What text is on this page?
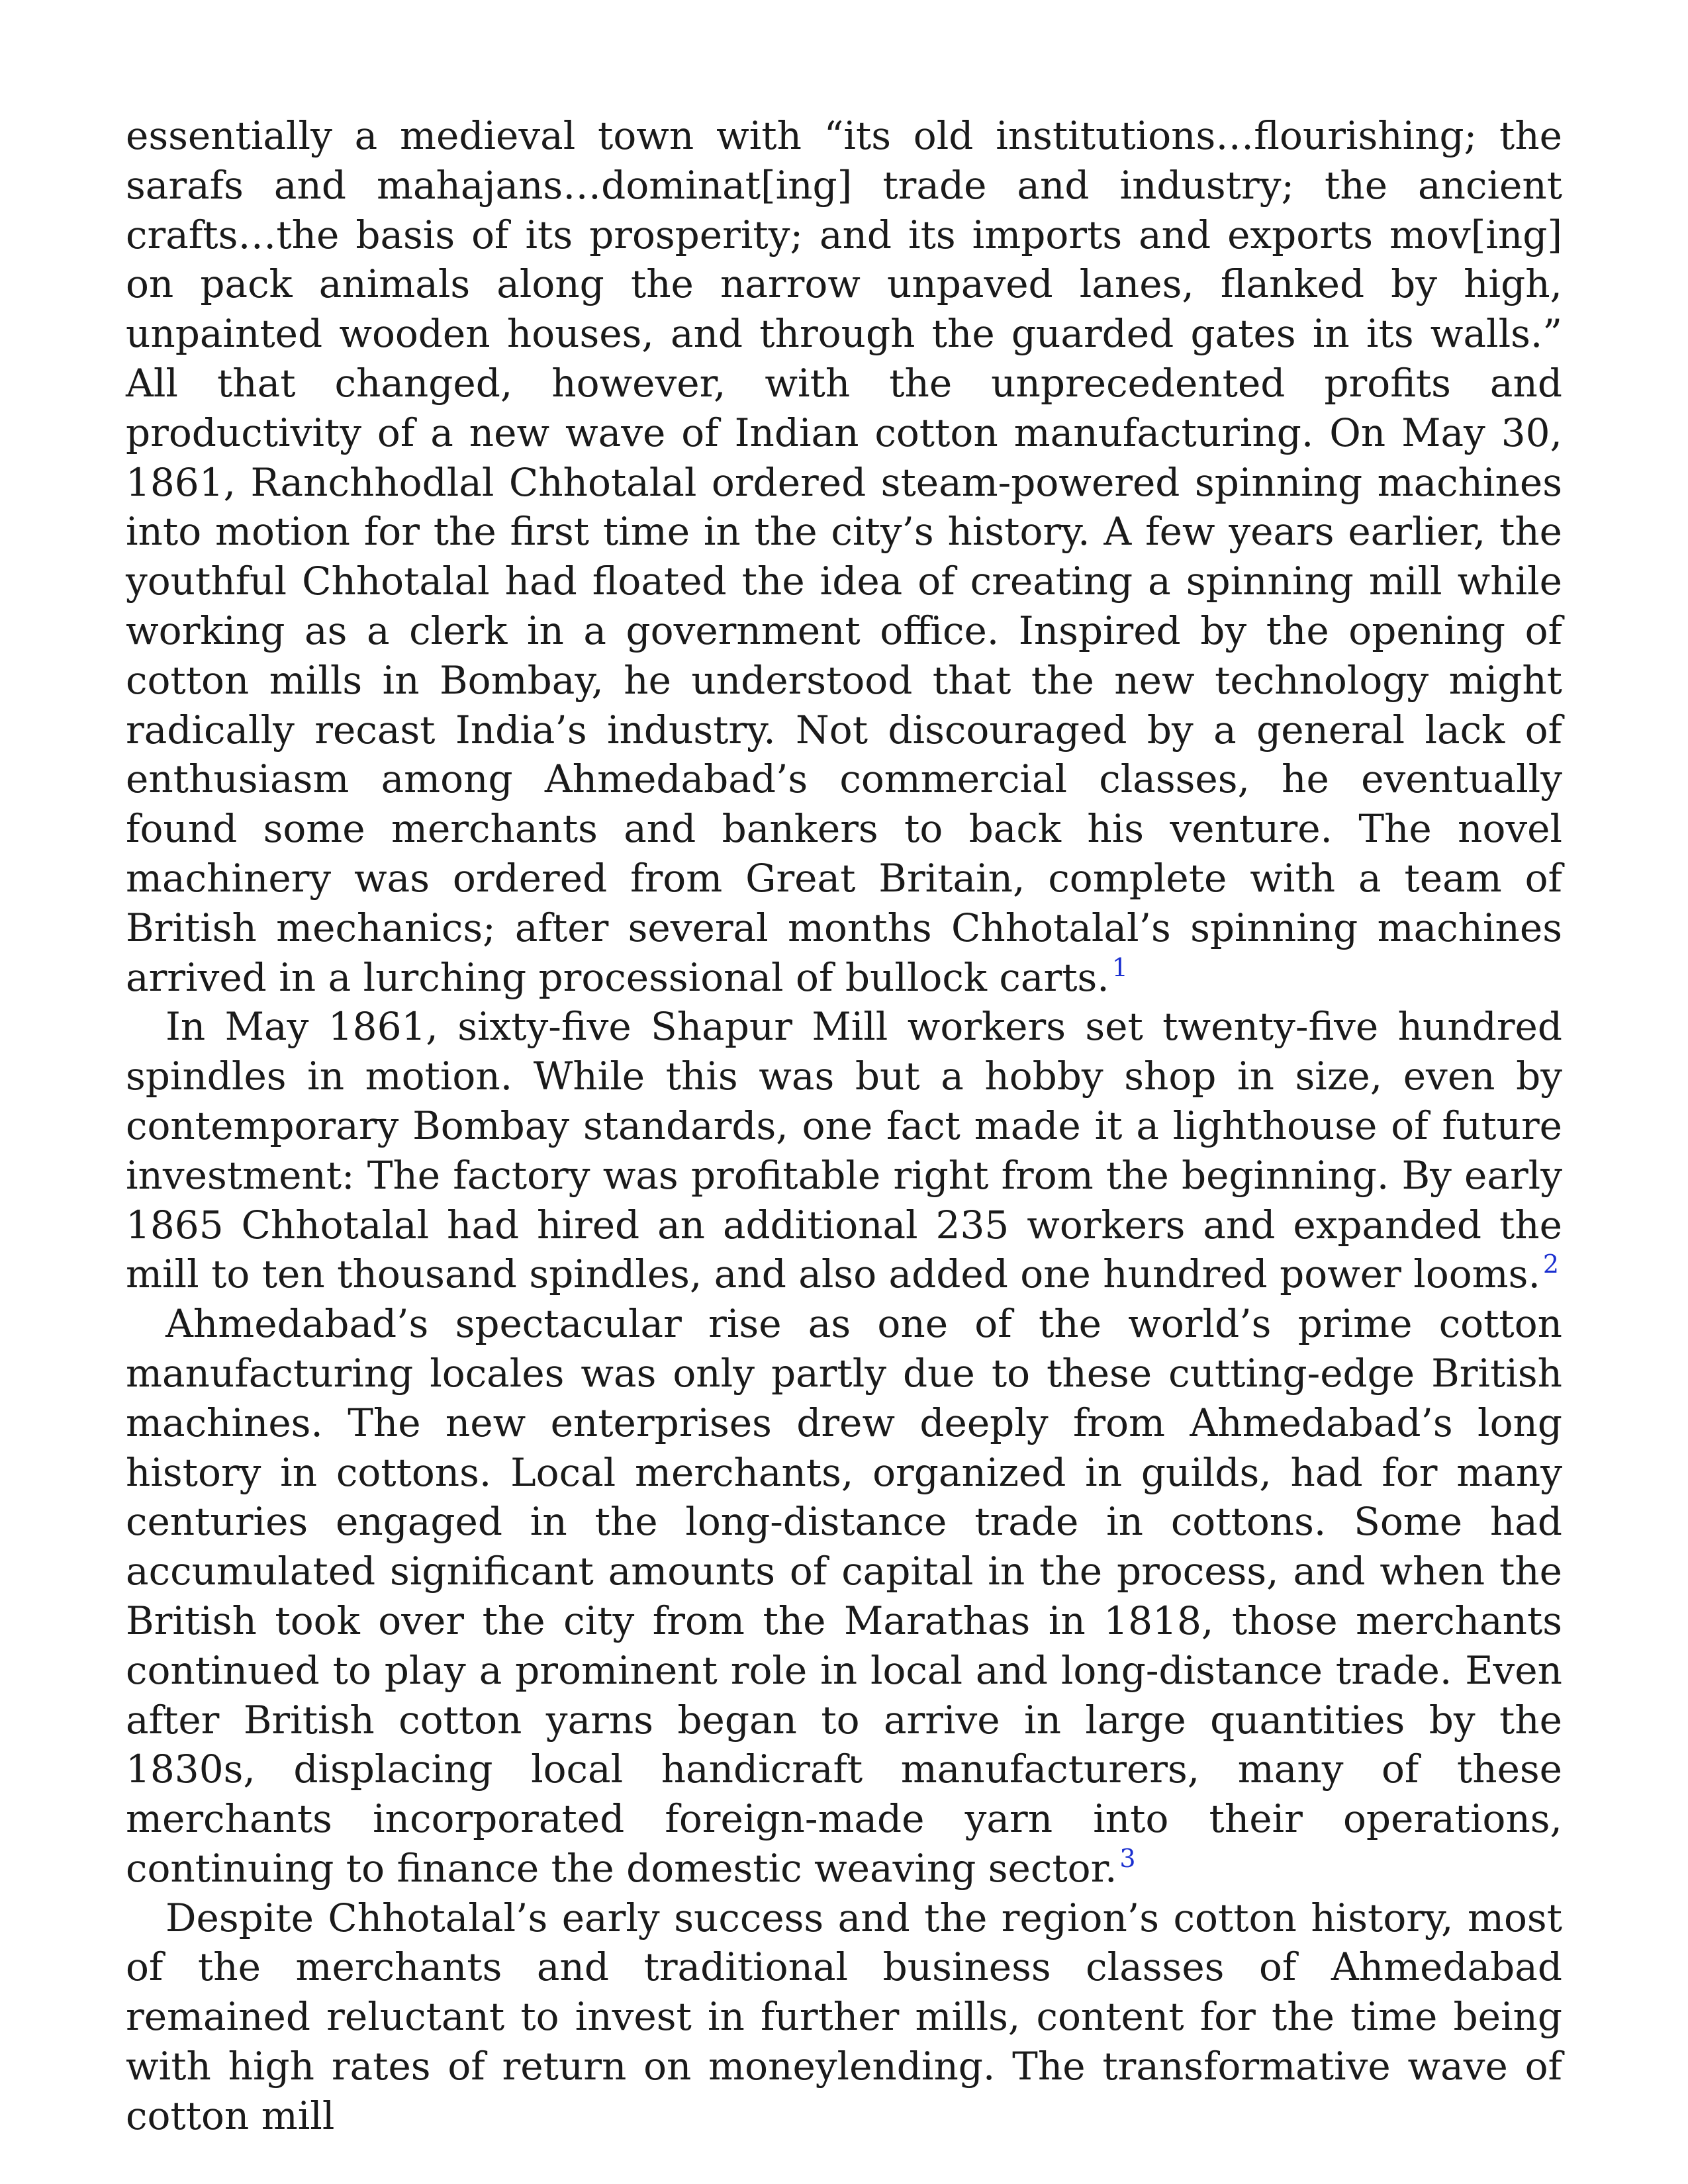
essentially a medieval town with “its old institutions…flourishing; the sarafs and mahajans…dominat[ing] trade and industry; the ancient crafts…the basis of its prosperity; and its imports and exports mov[ing] on pack animals along the narrow unpaved lanes, flanked by high, unpainted wooden houses, and through the guarded gates in its walls.” All that changed, however, with the unprecedented profits and productivity of a new wave of Indian cotton manufacturing. On May 30, 1861, Ranchhodlal Chhotalal ordered steam-powered spinning machines into motion for the first time in the city’s history. A few years earlier, the youthful Chhotalal had floated the idea of creating a spinning mill while working as a clerk in a government office. Inspired by the opening of cotton mills in Bombay, he understood that the new technology might radically recast India’s industry. Not discouraged by a general lack of enthusiasm among Ahmedabad’s commercial classes, he eventually found some merchants and bankers to back his venture. The novel machinery was ordered from Great Britain, complete with a team of British mechanics; after several months Chhotalal’s spinning machines arrived in a lurching processional of bullock carts. $^1$

In May 1861, sixty-five Shapur Mill workers set twenty-five hundred spindles in motion. While this was but a hobby shop in size, even by contemporary Bombay standards, one fact made it a lighthouse of future investment: The factory was profitable right from the beginning. By early 1865 Chhotalal had hired an additional 235 workers and expanded the mill to ten thousand spindles, and also added one hundred power looms. $^2$

Ahmedabad’s spectacular rise as one of the world’s prime cotton manufacturing locales was only partly due to these cutting-edge British machines. The new enterprises drew deeply from Ahmedabad’s long history in cottons. Local merchants, organized in guilds, had for many centuries engaged in the long-distance trade in cottons. Some had accumulated significant amounts of capital in the process, and when the British took over the city from the Marathas in 1818, those merchants continued to play a prominent role in local and long-distance trade. Even after British cotton yarns began to arrive in large quantities by the 1830s, displacing local handicraft manufacturers, many of these merchants incorporated foreign-made yarn into their operations, continuing to finance the domestic weaving sector. $^3$

Despite Chhotalal’s early success and the region’s cotton history, most of the merchants and traditional business classes of Ahmedabad remained reluctant to invest in further mills, content for the time being with high rates of return on moneylending. The transformative wave of cotton mill
